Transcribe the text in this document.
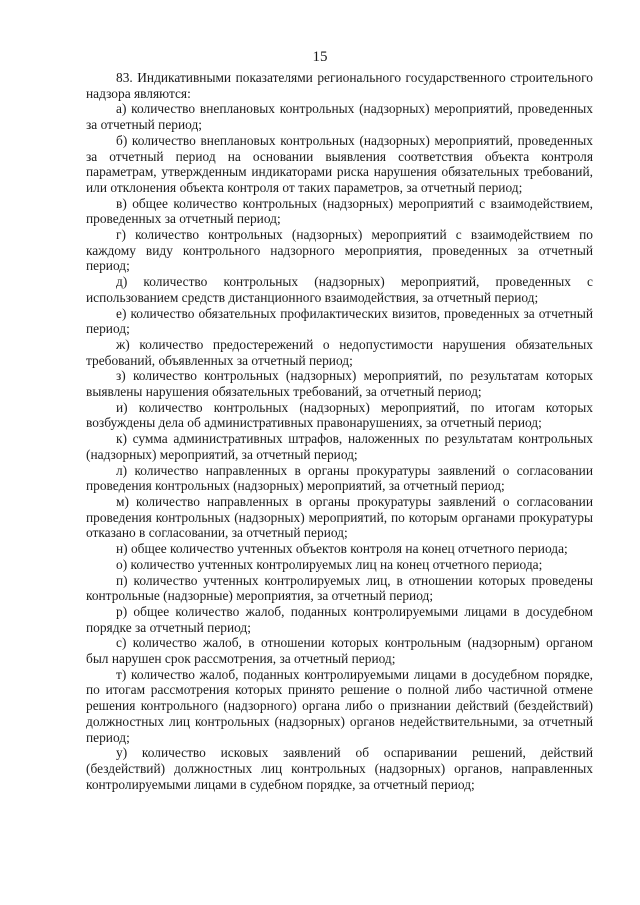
15

83. Индикативными показателями регионального государственного строительного надзора являются:

а) количество внеплановых контрольных (надзорных) мероприятий, проведенных за отчетный период;

б) количество внеплановых контрольных (надзорных) мероприятий, проведенных за отчетный период на основании выявления соответствия объекта контроля параметрам, утвержденным индикаторами риска нарушения обязательных требований, или отклонения объекта контроля от таких параметров, за отчетный период;

в) общее количество контрольных (надзорных) мероприятий с взаимодействием, проведенных за отчетный период;

г) количество контрольных (надзорных) мероприятий с взаимодействием по каждому виду контрольного надзорного мероприятия, проведенных за отчетный период;

д) количество контрольных (надзорных) мероприятий, проведенных с использованием средств дистанционного взаимодействия, за отчетный период;

е) количество обязательных профилактических визитов, проведенных за отчетный период;

ж) количество предостережений о недопустимости нарушения обязательных требований, объявленных за отчетный период;

з) количество контрольных (надзорных) мероприятий, по результатам которых выявлены нарушения обязательных требований, за отчетный период;

и) количество контрольных (надзорных) мероприятий, по итогам которых возбуждены дела об административных правонарушениях, за отчетный период;

к) сумма административных штрафов, наложенных по результатам контрольных (надзорных) мероприятий, за отчетный период;

л) количество направленных в органы прокуратуры заявлений о согласовании проведения контрольных (надзорных) мероприятий, за отчетный период;

м) количество направленных в органы прокуратуры заявлений о согласовании проведения контрольных (надзорных) мероприятий, по которым органами прокуратуры отказано в согласовании, за отчетный период;

н) общее количество учтенных объектов контроля на конец отчетного периода;

о) количество учтенных контролируемых лиц на конец отчетного периода;

п) количество учтенных контролируемых лиц, в отношении которых проведены контрольные (надзорные) мероприятия, за отчетный период;

р) общее количество жалоб, поданных контролируемыми лицами в досудебном порядке за отчетный период;

с) количество жалоб, в отношении которых контрольным (надзорным) органом был нарушен срок рассмотрения, за отчетный период;

т) количество жалоб, поданных контролируемыми лицами в досудебном порядке, по итогам рассмотрения которых принято решение о полной либо частичной отмене решения контрольного (надзорного) органа либо о признании действий (бездействий) должностных лиц контрольных (надзорных) органов недействительными, за отчетный период;

у) количество исковых заявлений об оспаривании решений, действий (бездействий) должностных лиц контрольных (надзорных) органов, направленных контролируемыми лицами в судебном порядке, за отчетный период;
